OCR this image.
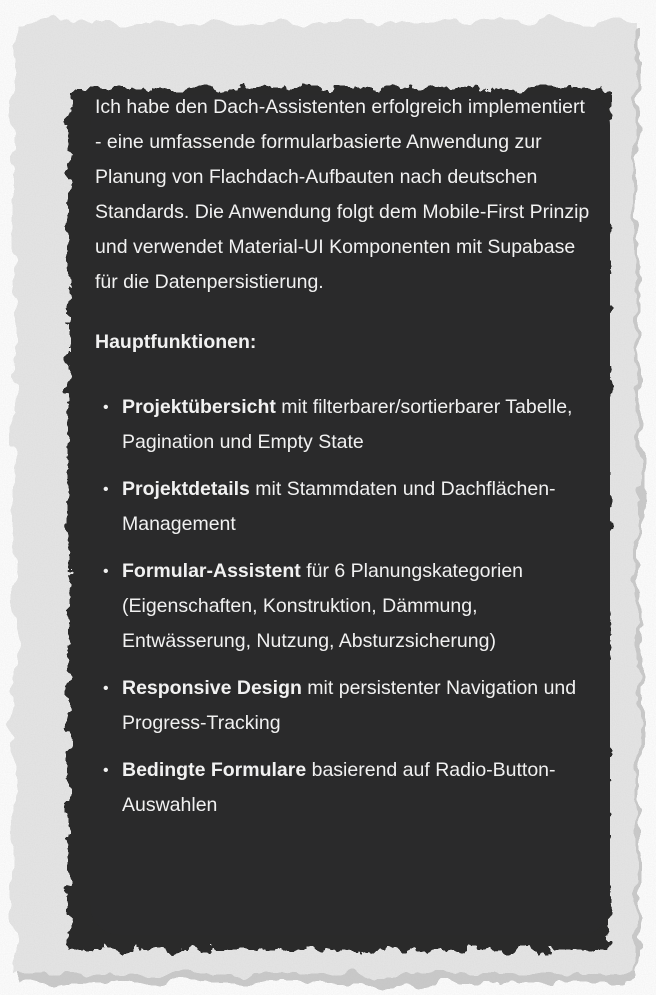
Ich habe den Dach-Assistenten erfolgreich implementiert - eine umfassende formularbasierte Anwendung zur Planung von Flachdach-Aufbauten nach deutschen Standards. Die Anwendung folgt dem Mobile-First Prinzip und verwendet Material-UI Komponenten mit Supabase für die Datenpersistierung.

Hauptfunktionen:

• Projektübersicht mit filterbarer/sortierbarer Tabelle, Pagination und Empty State
• Projektdetails mit Stammdaten und Dachflächen-Management
• Formular-Assistent für 6 Planungskategorien (Eigenschaften, Konstruktion, Dämmung, Entwässerung, Nutzung, Absturzsicherung)
• Responsive Design mit persistenter Navigation und Progress-Tracking
• Bedingte Formulare basierend auf Radio-Button-Auswahlen
